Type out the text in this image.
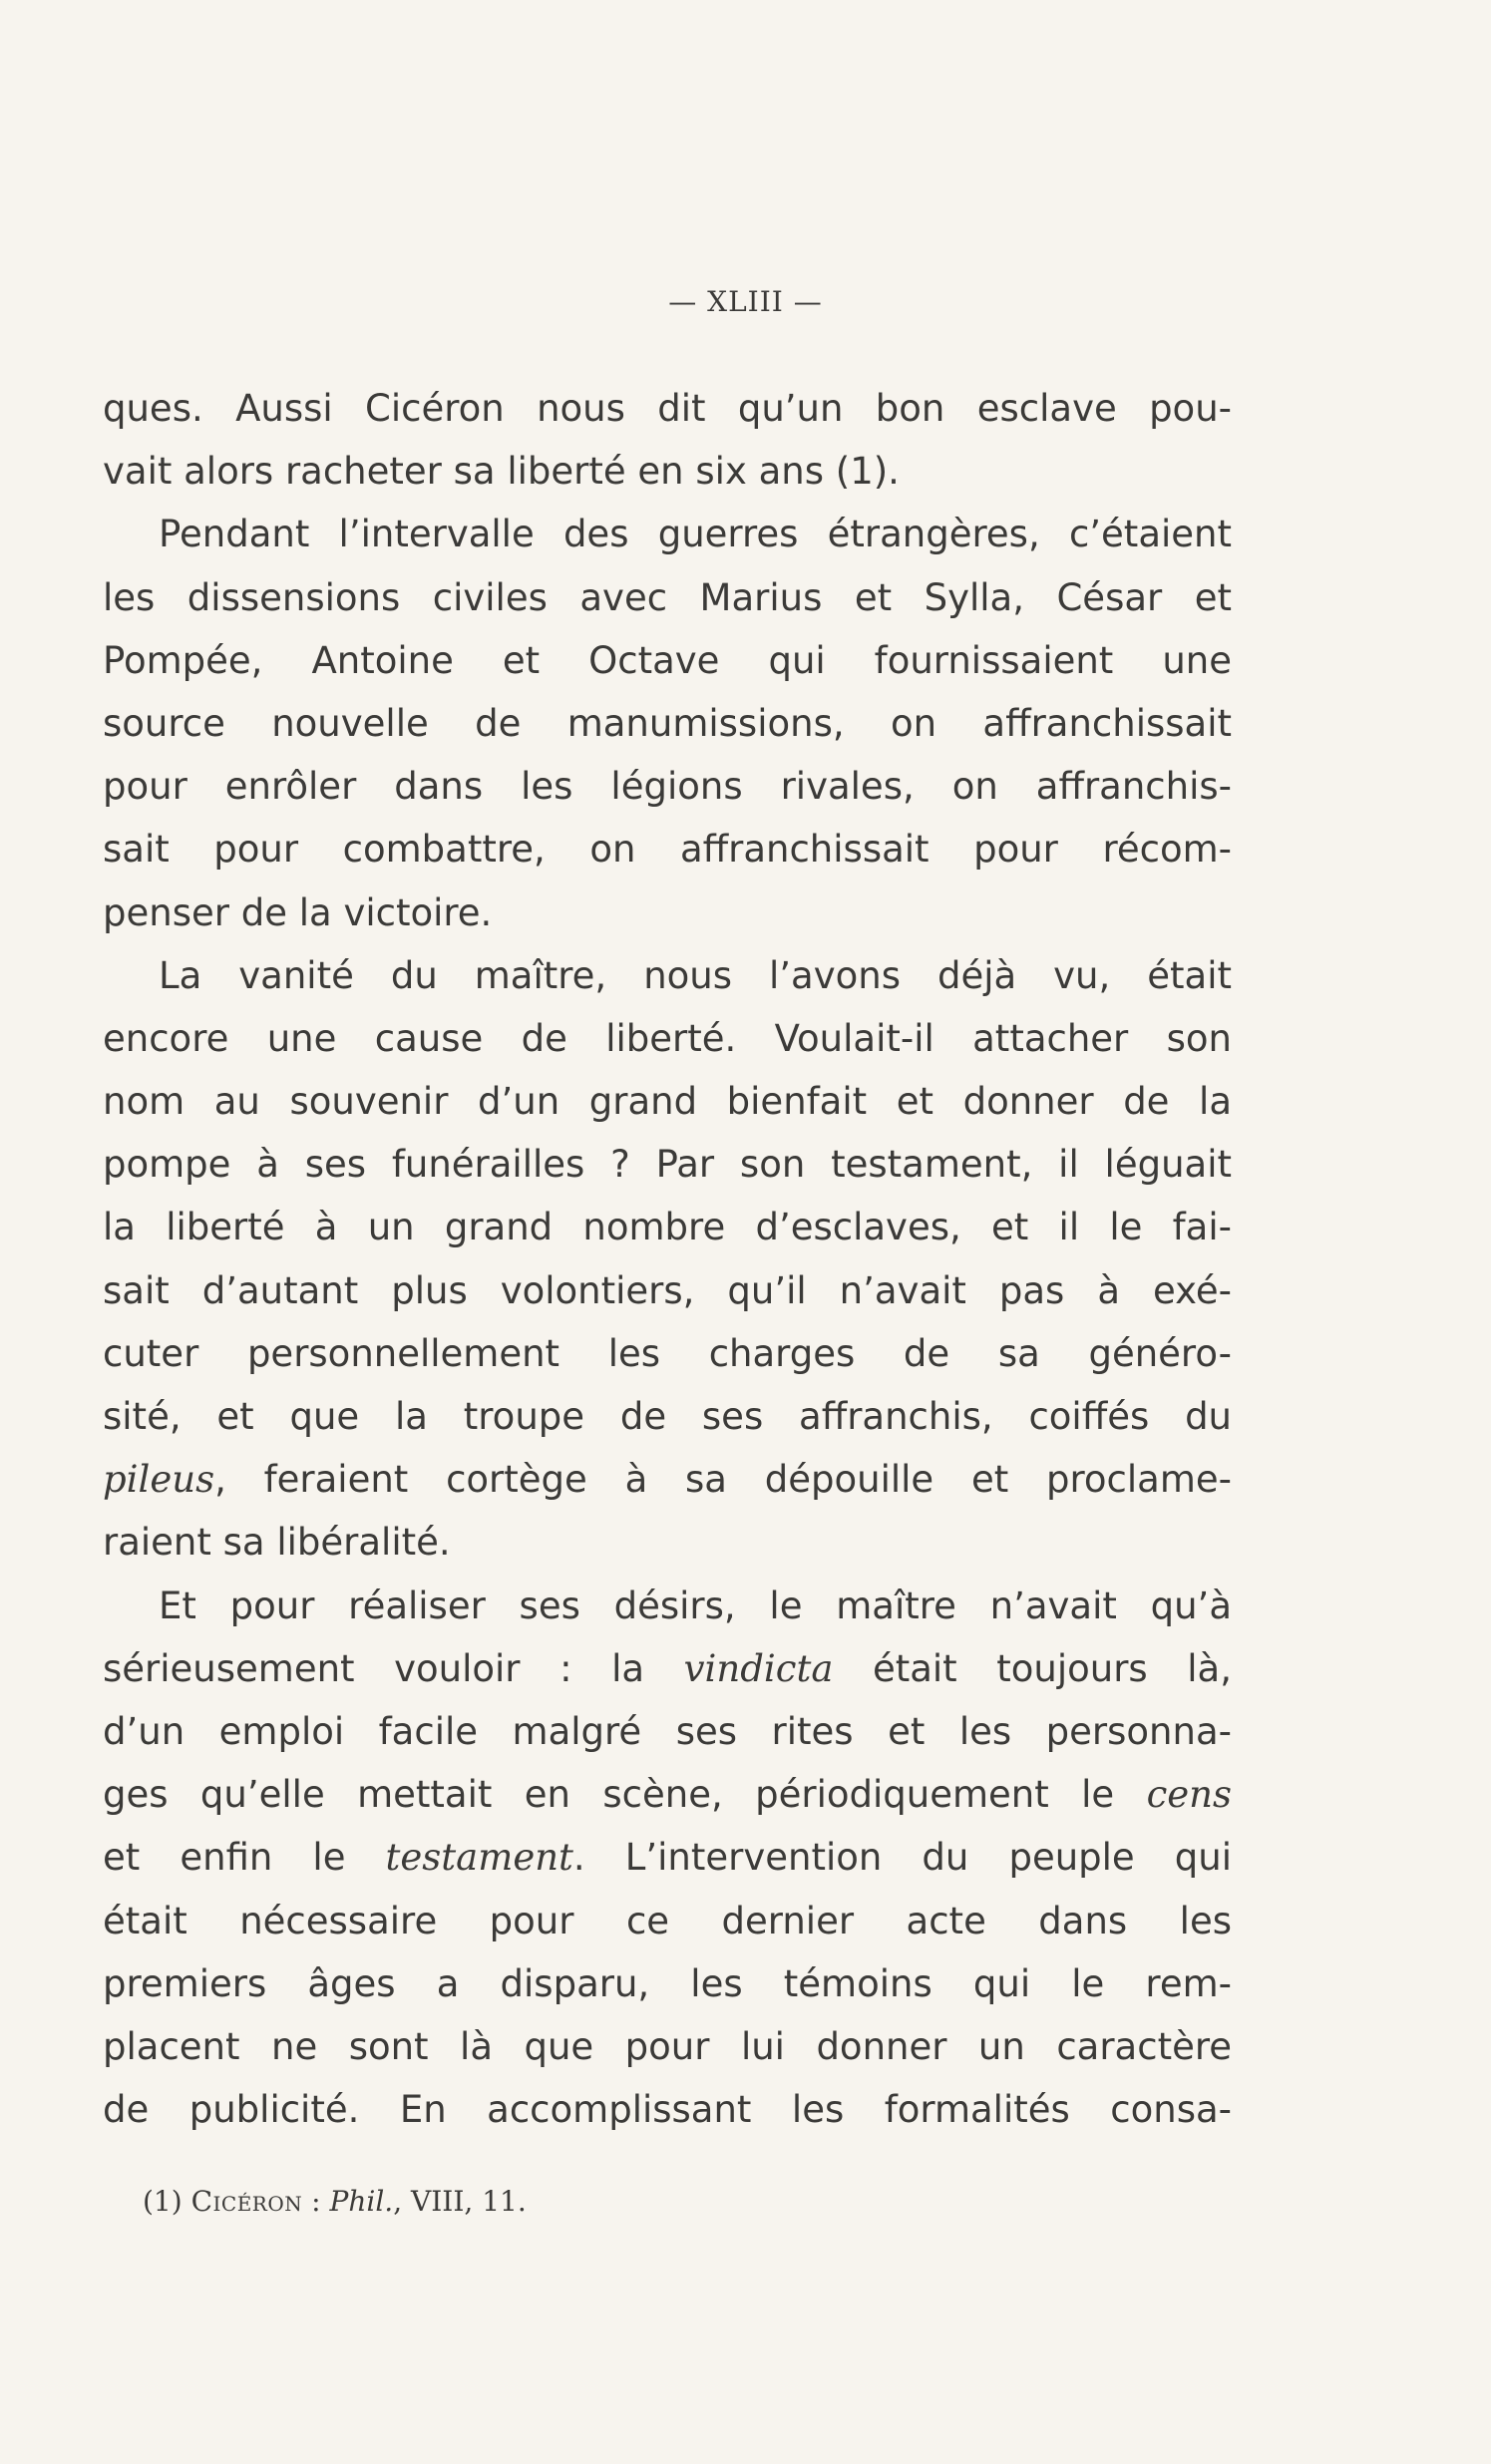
— XLIII —
ques. Aussi Cicéron nous dit qu’un bon esclave pou-
vait alors racheter sa liberté en six ans (1).
Pendant l’intervalle des guerres étrangères, c’étaient
les dissensions civiles avec Marius et Sylla, César et
Pompée, Antoine et Octave qui fournissaient une
source nouvelle de manumissions, on affranchissait
pour enrôler dans les légions rivales, on affranchis-
sait pour combattre, on affranchissait pour récom-
penser de la victoire.
La vanité du maître, nous l’avons déjà vu, était
encore une cause de liberté. Voulait-il attacher son
nom au souvenir d’un grand bienfait et donner de la
pompe à ses funérailles ? Par son testament, il léguait
la liberté à un grand nombre d’esclaves, et il le fai-
sait d’autant plus volontiers, qu’il n’avait pas à exé-
cuter personnellement les charges de sa généro-
sité, et que la troupe de ses affranchis, coiffés du
pileus, feraient cortège à sa dépouille et proclame-
raient sa libéralité.
Et pour réaliser ses désirs, le maître n’avait qu’à
sérieusement vouloir : la vindicta était toujours là,
d’un emploi facile malgré ses rites et les personna-
ges qu’elle mettait en scène, périodiquement le cens
et enfin le testament. L’intervention du peuple qui
était nécessaire pour ce dernier acte dans les
premiers âges a disparu, les témoins qui le rem-
placent ne sont là que pour lui donner un caractère
de publicité. En accomplissant les formalités consa-
(1) Cicéron : Phil., VIII, 11.
